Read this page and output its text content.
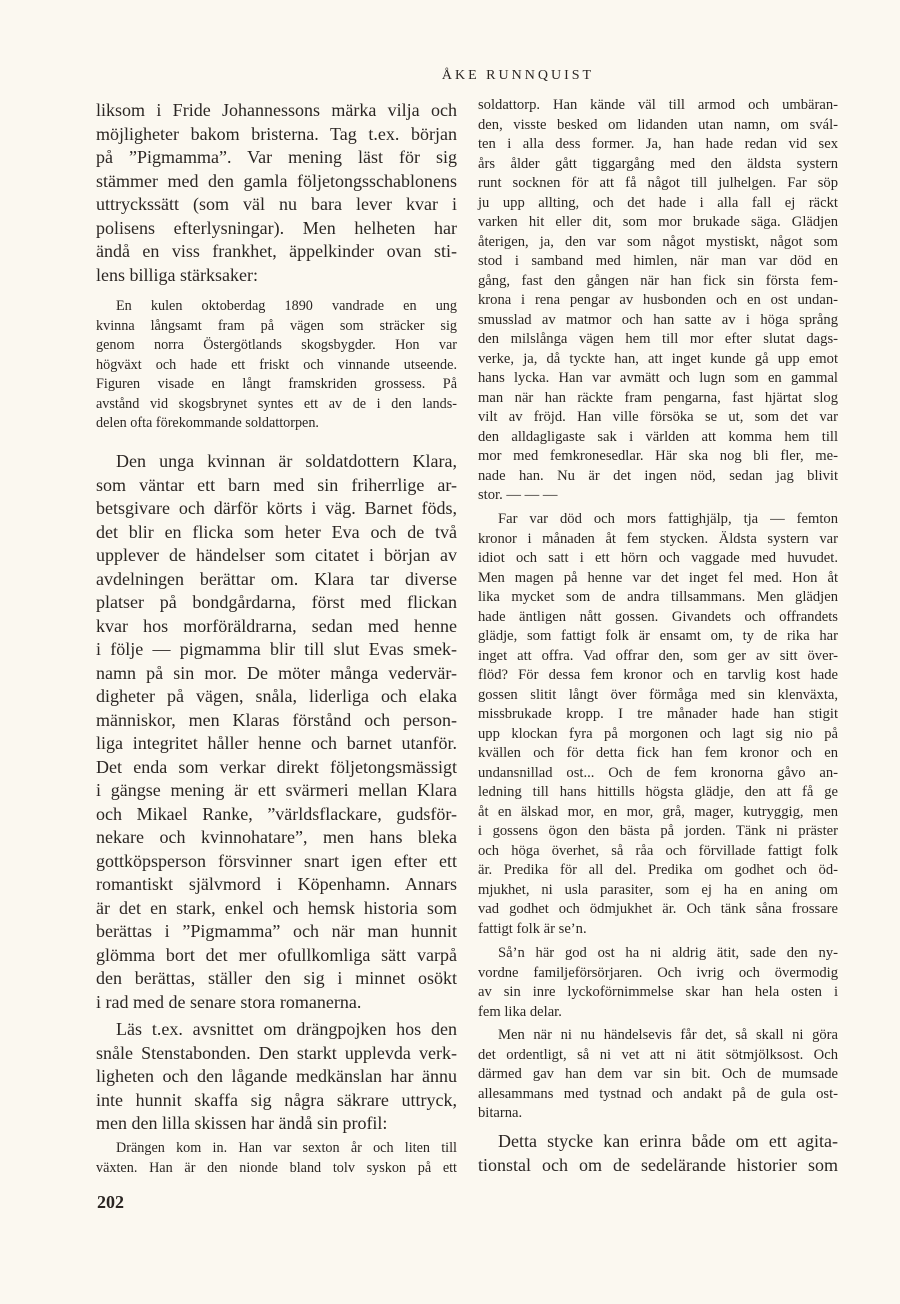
ÅKE RUNNQUIST
liksom i Fride Johannessons märka vilja och
möjligheter bakom bristerna. Tag t.ex. början
på ”Pigmamma”. Var mening läst för sig
stämmer med den gamla följetongsschablonens
uttryckssätt (som väl nu bara lever kvar i
polisens efterlysningar). Men helheten har
ändå en viss frankhet, äppelkinder ovan sti-
lens billiga stärksaker:
En kulen oktoberdag 1890 vandrade en ung
kvinna långsamt fram på vägen som sträcker sig
genom norra Östergötlands skogsbygder. Hon var
högväxt och hade ett friskt och vinnande utseende.
Figuren visade en långt framskriden grossess. På
avstånd vid skogsbrynet syntes ett av de i den lands-
delen ofta förekommande soldattorpen.
Den unga kvinnan är soldatdottern Klara,
som väntar ett barn med sin friherrlige ar-
betsgivare och därför körts i väg. Barnet föds,
det blir en flicka som heter Eva och de två
upplever de händelser som citatet i början av
avdelningen berättar om. Klara tar diverse
platser på bondgårdarna, först med flickan
kvar hos morföräldrarna, sedan med henne
i följe — pigmamma blir till slut Evas smek-
namn på sin mor. De möter många vedervär-
digheter på vägen, snåla, liderliga och elaka
människor, men Klaras förstånd och person-
liga integritet håller henne och barnet utanför.
Det enda som verkar direkt följetongsmässigt
i gängse mening är ett svärmeri mellan Klara
och Mikael Ranke, ”världsflackare, gudsför-
nekare och kvinnohatare”, men hans bleka
gottköpsperson försvinner snart igen efter ett
romantiskt självmord i Köpenhamn. Annars
är det en stark, enkel och hemsk historia som
berättas i ”Pigmamma” och när man hunnit
glömma bort det mer ofullkomliga sätt varpå
den berättas, ställer den sig i minnet osökt
i rad med de senare stora romanerna.
Läs t.ex. avsnittet om drängpojken hos den
snåle Stenstabonden. Den starkt upplevda verk-
ligheten och den lågande medkänslan har ännu
inte hunnit skaffa sig några säkrare uttryck,
men den lilla skissen har ändå sin profil:
Drängen kom in. Han var sexton år och liten till
växten. Han är den nionde bland tolv syskon på ett
soldattorp. Han kände väl till armod och umbäran-
den, visste besked om lidanden utan namn, om svál-
ten i alla dess former. Ja, han hade redan vid sex
års ålder gått tiggargång med den äldsta systern
runt socknen för att få något till julhelgen. Far söp
ju upp allting, och det hade i alla fall ej räckt
varken hit eller dit, som mor brukade säga. Glädjen
återigen, ja, den var som något mystiskt, något som
stod i samband med himlen, när man var död en
gång, fast den gången när han fick sin första fem-
krona i rena pengar av husbonden och en ost undan-
smusslad av matmor och han satte av i höga språng
den milslånga vägen hem till mor efter slutat dags-
verke, ja, då tyckte han, att inget kunde gå upp emot
hans lycka. Han var avmätt och lugn som en gammal
man när han räckte fram pengarna, fast hjärtat slog
vilt av fröjd. Han ville försöka se ut, som det var
den alldagligaste sak i världen att komma hem till
mor med femkronesedlar. Här ska nog bli fler, me-
nade han. Nu är det ingen nöd, sedan jag blivit
stor. — — —
Far var död och mors fattighjälp, tja — femton
kronor i månaden åt fem stycken. Äldsta systern var
idiot och satt i ett hörn och vaggade med huvudet.
Men magen på henne var det inget fel med. Hon åt
lika mycket som de andra tillsammans. Men glädjen
hade äntligen nått gossen. Givandets och offrandets
glädje, som fattigt folk är ensamt om, ty de rika har
inget att offra. Vad offrar den, som ger av sitt över-
flöd? För dessa fem kronor och en tarvlig kost hade
gossen slitit långt över förmåga med sin klenväxta,
missbrukade kropp. I tre månader hade han stigit
upp klockan fyra på morgonen och lagt sig nio på
kvällen och för detta fick han fem kronor och en
undansnillad ost... Och de fem kronorna gåvo an-
ledning till hans hittills högsta glädje, den att få ge
åt en älskad mor, en mor, grå, mager, kutryggig, men
i gossens ögon den bästa på jorden. Tänk ni präster
och höga överhet, så råa och förvillade fattigt folk
är. Predika för all del. Predika om godhet och öd-
mjukhet, ni usla parasiter, som ej ha en aning om
vad godhet och ödmjukhet är. Och tänk såna frossare
fattigt folk är se’n.
Så’n här god ost ha ni aldrig ätit, sade den ny-
vordne familjeförsörjaren. Och ivrig och övermodig
av sin inre lyckoförnimmelse skar han hela osten i
fem lika delar.
Men när ni nu händelsevis får det, så skall ni göra
det ordentligt, så ni vet att ni ätit sötmjölksost. Och
därmed gav han dem var sin bit. Och de mumsade
allesammans med tystnad och andakt på de gula ost-
bitarna.
Detta stycke kan erinra både om ett agita-
tionstal och om de sedelärande historier som
202
